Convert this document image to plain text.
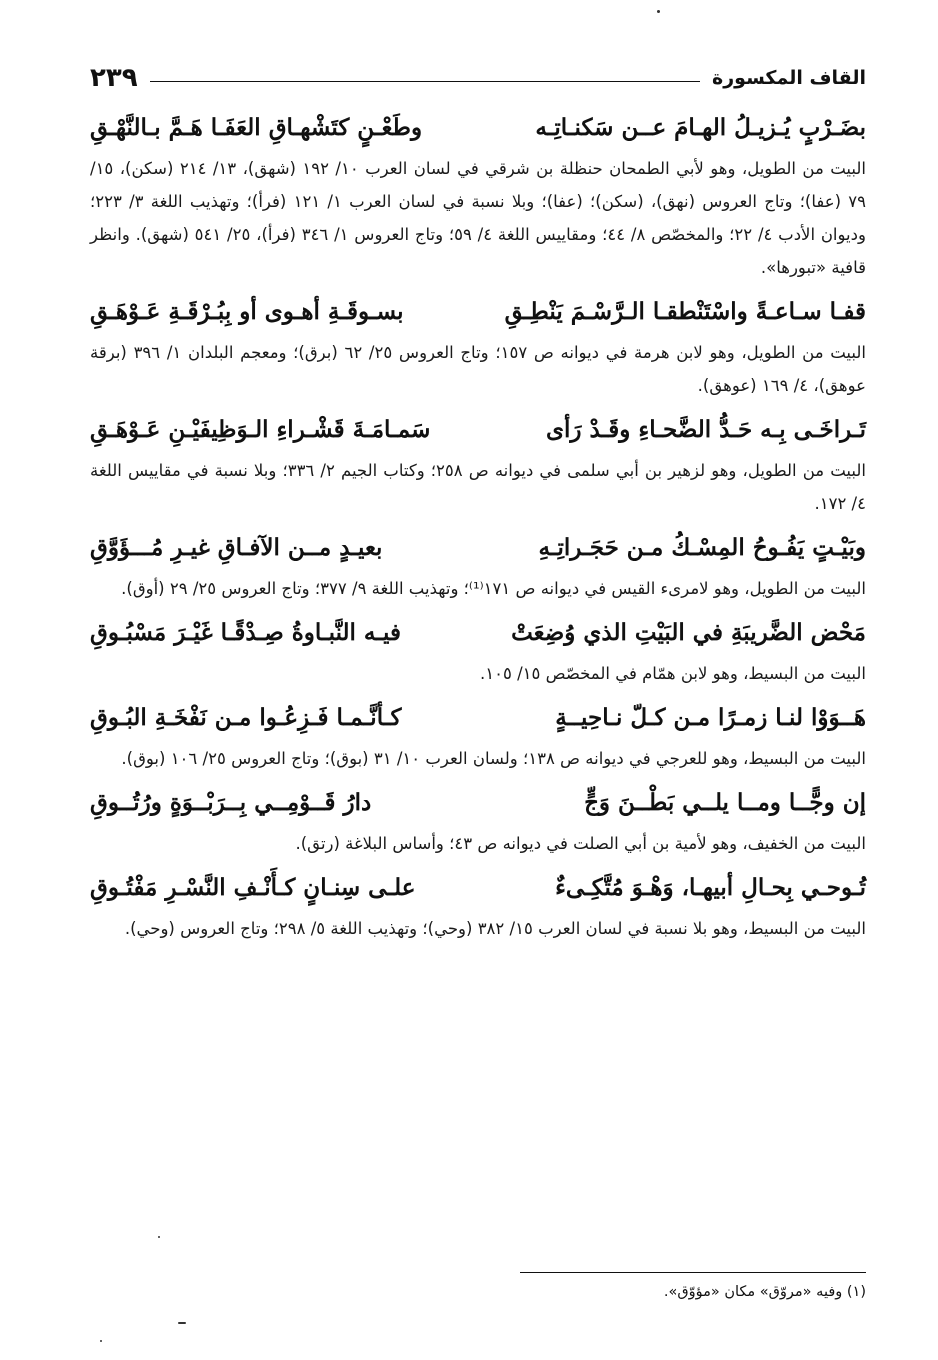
القاف المكسورة
٢٣٩
بضَـرْبٍ يُـزيـلُ الهـامَ عــن سَكنـاتِـه
وطَعْـنٍ كتَشْهـاقِ العَفَـا هَـمَّ بـالنَّهْـقِ

البيت من الطويل، وهو لأبي الطمحان حنظلة بن شرقي في لسان العرب ١٠/ ١٩٢ (شهق)، ١٣/ ٢١٤ (سكن)، ١٥/ ٧٩ (عفا)؛ وتاج العروس (نهق)، (سكن)؛ (عفا)؛ وبلا نسبة في لسان العرب ١/ ١٢١ (فرأ)؛ وتهذيب اللغة ٣/ ٢٢٣؛ وديوان الأدب ٤/ ٢٢؛ والمخصّص ٨/ ٤٤؛ ومقاييس اللغة ٤/ ٥٩؛ وتاج العروس ١/ ٣٤٦ (فرأ)، ٢٥/ ٥٤١ (شهق). وانظر قافية «تبورها».

قفـا سـاعـةً واسْتَنْطقـا الـرَّسْـمَ يَنْطِـقِ
بسـوقَـةِ أهـوى أو بِبُـرْقَـةِ عَـوْهَـقِ

البيت من الطويل، وهو لابن هرمة في ديوانه ص ١٥٧؛ وتاج العروس ٢٥/ ٦٢ (برق)؛ ومعجم البلدان ١/ ٣٩٦ (برقة عوهق)، ٤/ ١٦٩ (عوهق).

تَـراخَـى بِـه حَـدُّ الضَّحـاءِ وقَـدْ رَأى
سَمـامَـةَ قَشْـراءِ الـوَظِيفَيْـنِ عَـوْهَـقِ

البيت من الطويل، وهو لزهير بن أبي سلمى في ديوانه ص ٢٥٨؛ وكتاب الجيم ٢/ ٣٣٦؛ وبلا نسبة في مقاييس اللغة ٤/ ١٧٢.

وبَيْـتٍ يَفُـوحُ المِسْـكُ مـن حَجَـراتِـهِ
بعيـدٍ مــن الآفـاقِ غيـرِ مُـــؤَوَّقِ

البيت من الطويل، وهو لامرىء القيس في ديوانه ص ١٧١⁽¹⁾؛ وتهذيب اللغة ٩/ ٣٧٧؛ وتاج العروس ٢٥/ ٢٩ (أوق).

مَحْض الضَّريبَةِ في البَيْتِ الذي وُضِعَتْ
فيـه النَّبـاوةُ صِـدْقًـا غَيْـرَ مَسْبُـوقِ

البيت من البسيط، وهو لابن همّام في المخصّص ١٥/ ١٠٥.

هَــوَوْا لنـا زمـرًا مـن كـلّ نـاحِيــةٍ
كـأنَّـمـا فَـزِعُـوا مـن نَفْخَـةِ البُـوقِ

البيت من البسيط، وهو للعرجي في ديوانه ص ١٣٨؛ ولسان العرب ١٠/ ٣١ (بوق)؛ وتاج العروس ٢٥/ ١٠٦ (بوق).

إن وجًّــا ومــا يلــي بَطْــنَ وَجٍّ
دارُ قَــوْمِــي بِــرَبْــوَةٍ ورُتُــوقِ

البيت من الخفيف، وهو لأمية بن أبي الصلت في ديوانه ص ٤٣؛ وأساس البلاغة (رتق).

تُـوحـي بِحـالِ أبيهـا، وَهْـوَ مُتَّكِـىءٌ
علـى سِنـانٍ كـأَنْـفِ النَّسْـرِ مَفْتُـوقِ

البيت من البسيط، وهو بلا نسبة في لسان العرب ١٥/ ٣٨٢ (وحي)؛ وتهذيب اللغة ٥/ ٢٩٨؛ وتاج العروس (وحي).

(١) وفيه «مروّق» مكان «مؤوّق».
